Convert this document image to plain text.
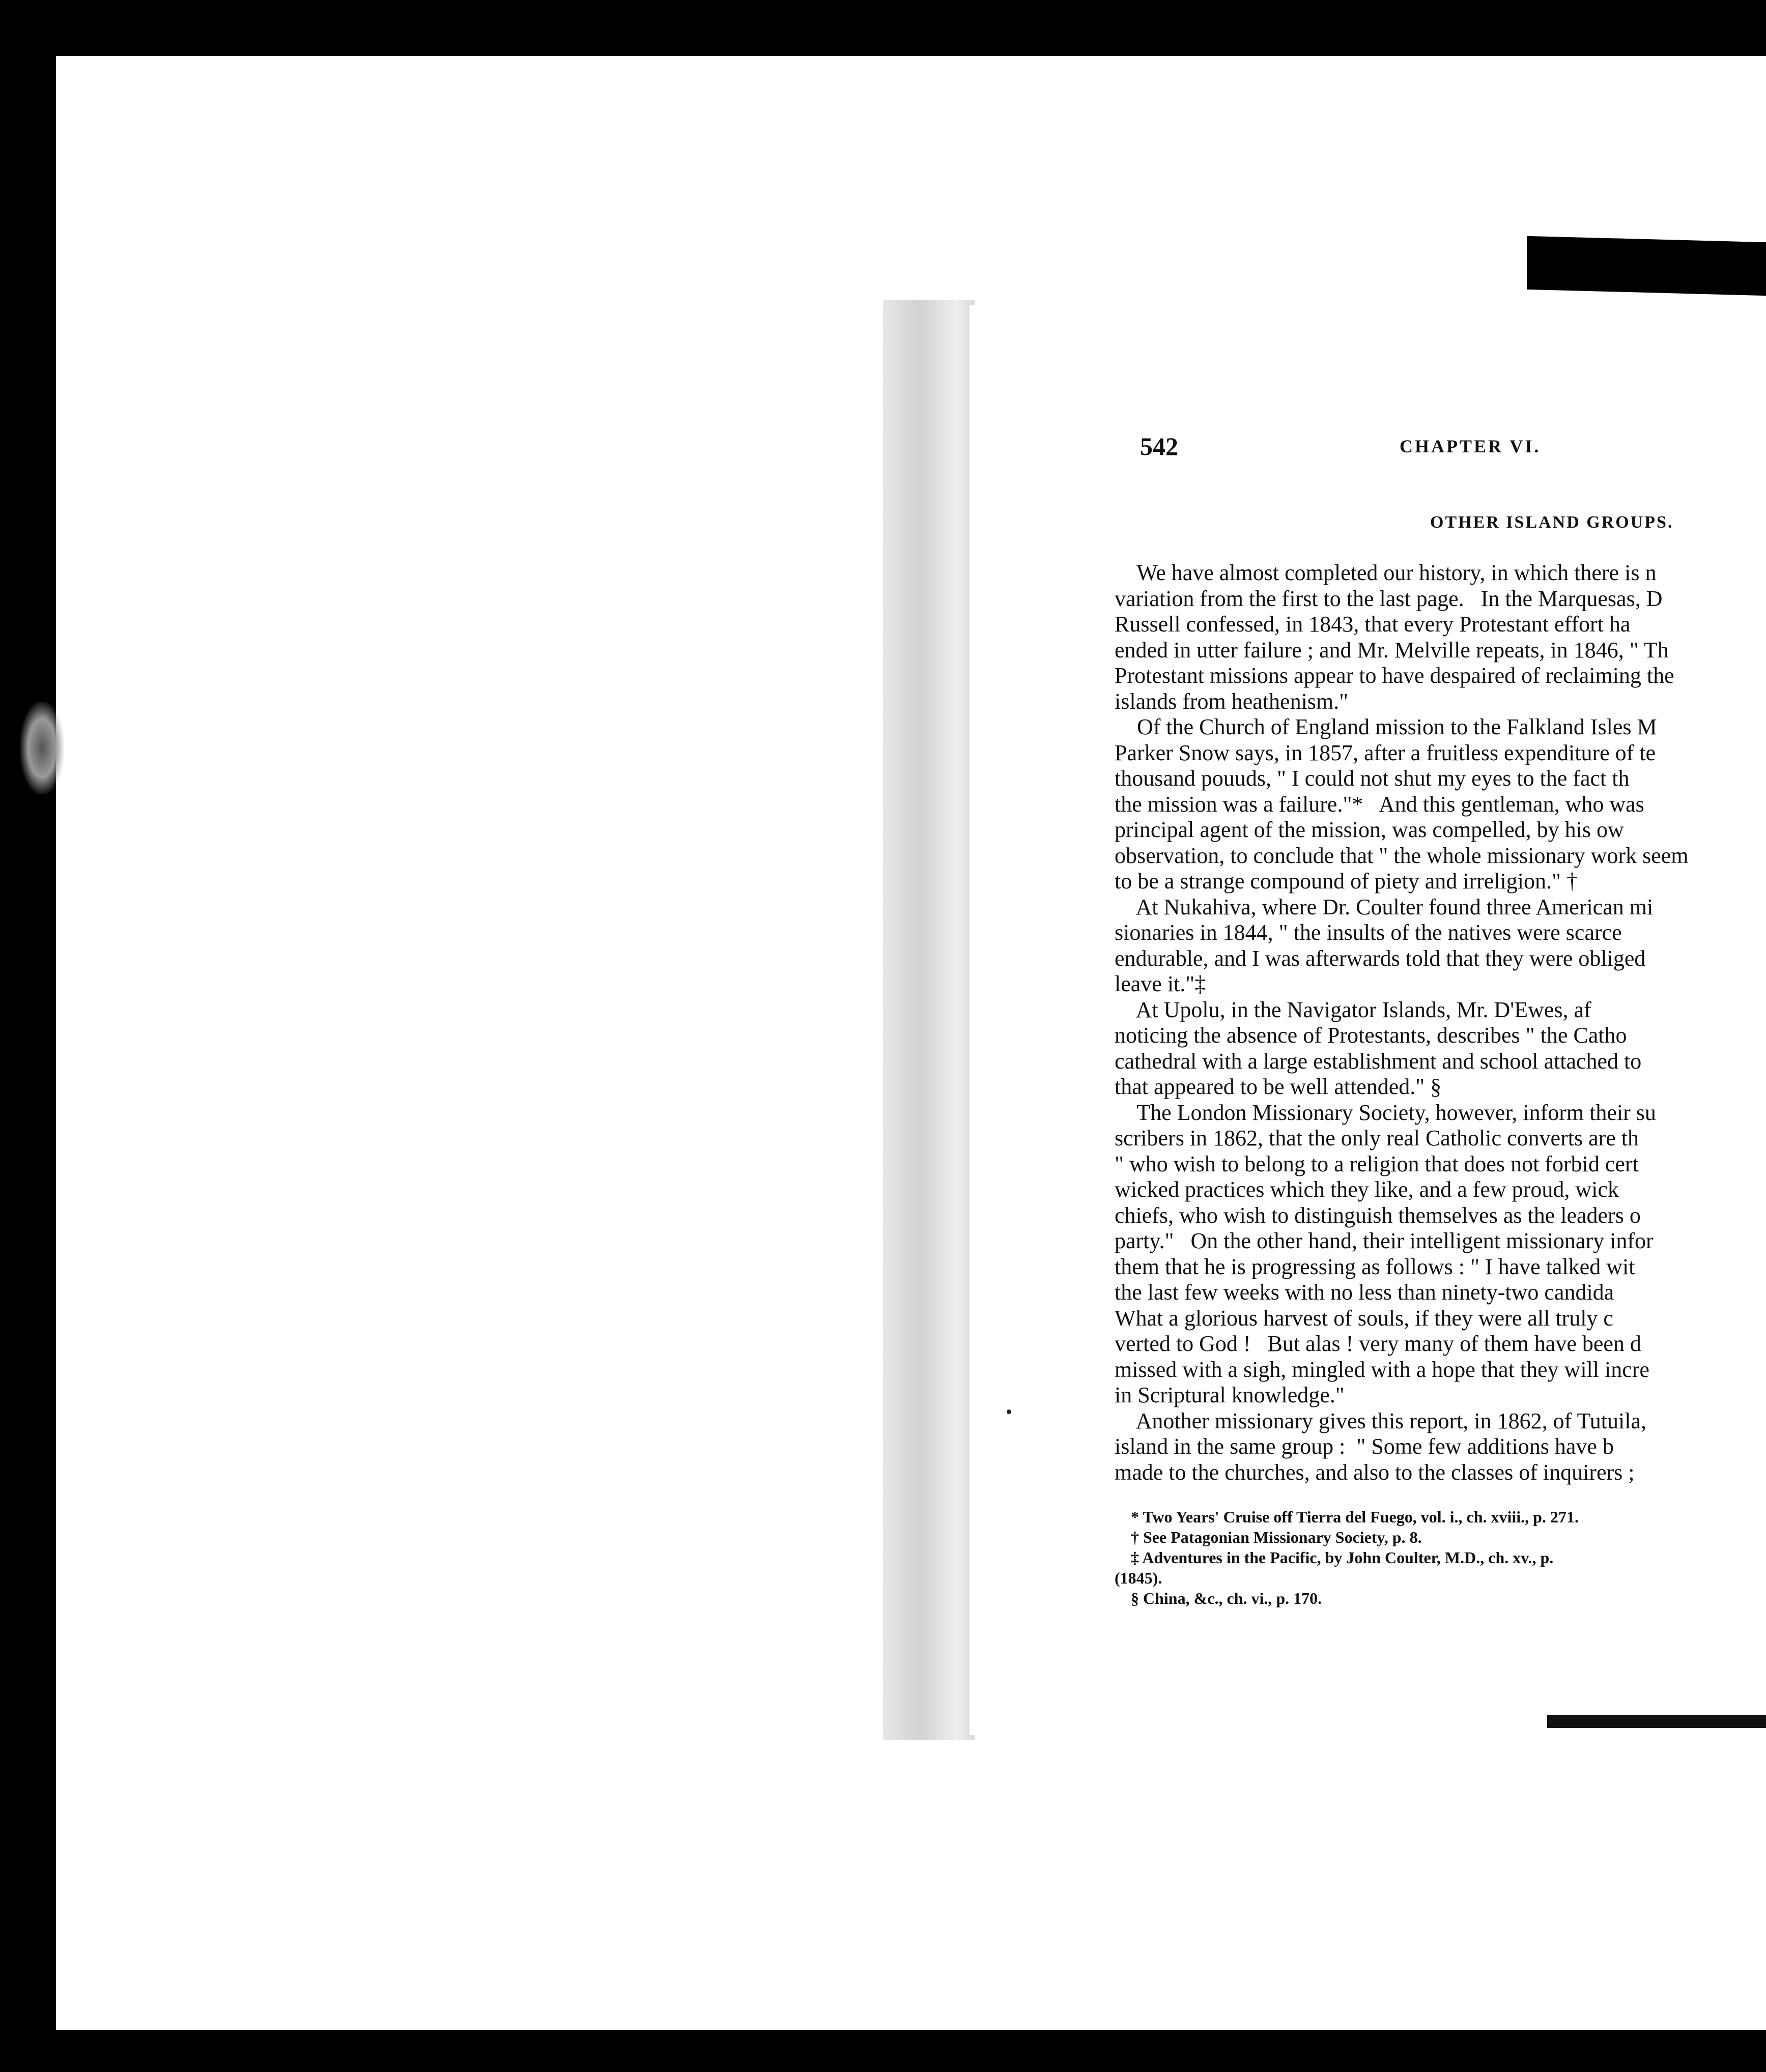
542	CHAPTER VI.
OTHER ISLAND GROUPS.
We have almost completed our history, in which there is n
variation from the first to the last page.   In the Marquesas, D
Russell confessed, in 1843, that every Protestant effort ha
ended in utter failure ; and Mr. Melville repeats, in 1846, " Th
Protestant missions appear to have despaired of reclaiming the
islands from heathenism."
Of the Church of England mission to the Falkland Isles M
Parker Snow says, in 1857, after a fruitless expenditure of te
thousand pouuds, " I could not shut my eyes to the fact th
the mission was a failure."*   And this gentleman, who was
principal agent of the mission, was compelled, by his ow
observation, to conclude that " the whole missionary work seem
to be a strange compound of piety and irreligion." †
At Nukahiva, where Dr. Coulter found three American mi
sionaries in 1844, " the insults of the natives were scarce
endurable, and I was afterwards told that they were obliged
leave it."‡
At Upolu, in the Navigator Islands, Mr. D'Ewes, af
noticing the absence of Protestants, describes " the Catho
cathedral with a large establishment and school attached to
that appeared to be well attended." §
The London Missionary Society, however, inform their su
scribers in 1862, that the only real Catholic converts are th
" who wish to belong to a religion that does not forbid cert
wicked practices which they like, and a few proud, wick
chiefs, who wish to distinguish themselves as the leaders o
party."   On the other hand, their intelligent missionary infor
them that he is progressing as follows : " I have talked wit
the last few weeks with no less than ninety-two candida
What a glorious harvest of souls, if they were all truly c
verted to God !   But alas ! very many of them have been d
missed with a sigh, mingled with a hope that they will incre
in Scriptural knowledge."
Another missionary gives this report, in 1862, of Tutuila,
island in the same group :  " Some few additions have b
made to the churches, and also to the classes of inquirers ;
* Two Years' Cruise off Tierra del Fuego, vol. i., ch. xviii., p. 271.
† See Patagonian Missionary Society, p. 8.
‡ Adventures in the Pacific, by John Coulter, M.D., ch. xv., p.
(1845).
§ China, &c., ch. vi., p. 170.
